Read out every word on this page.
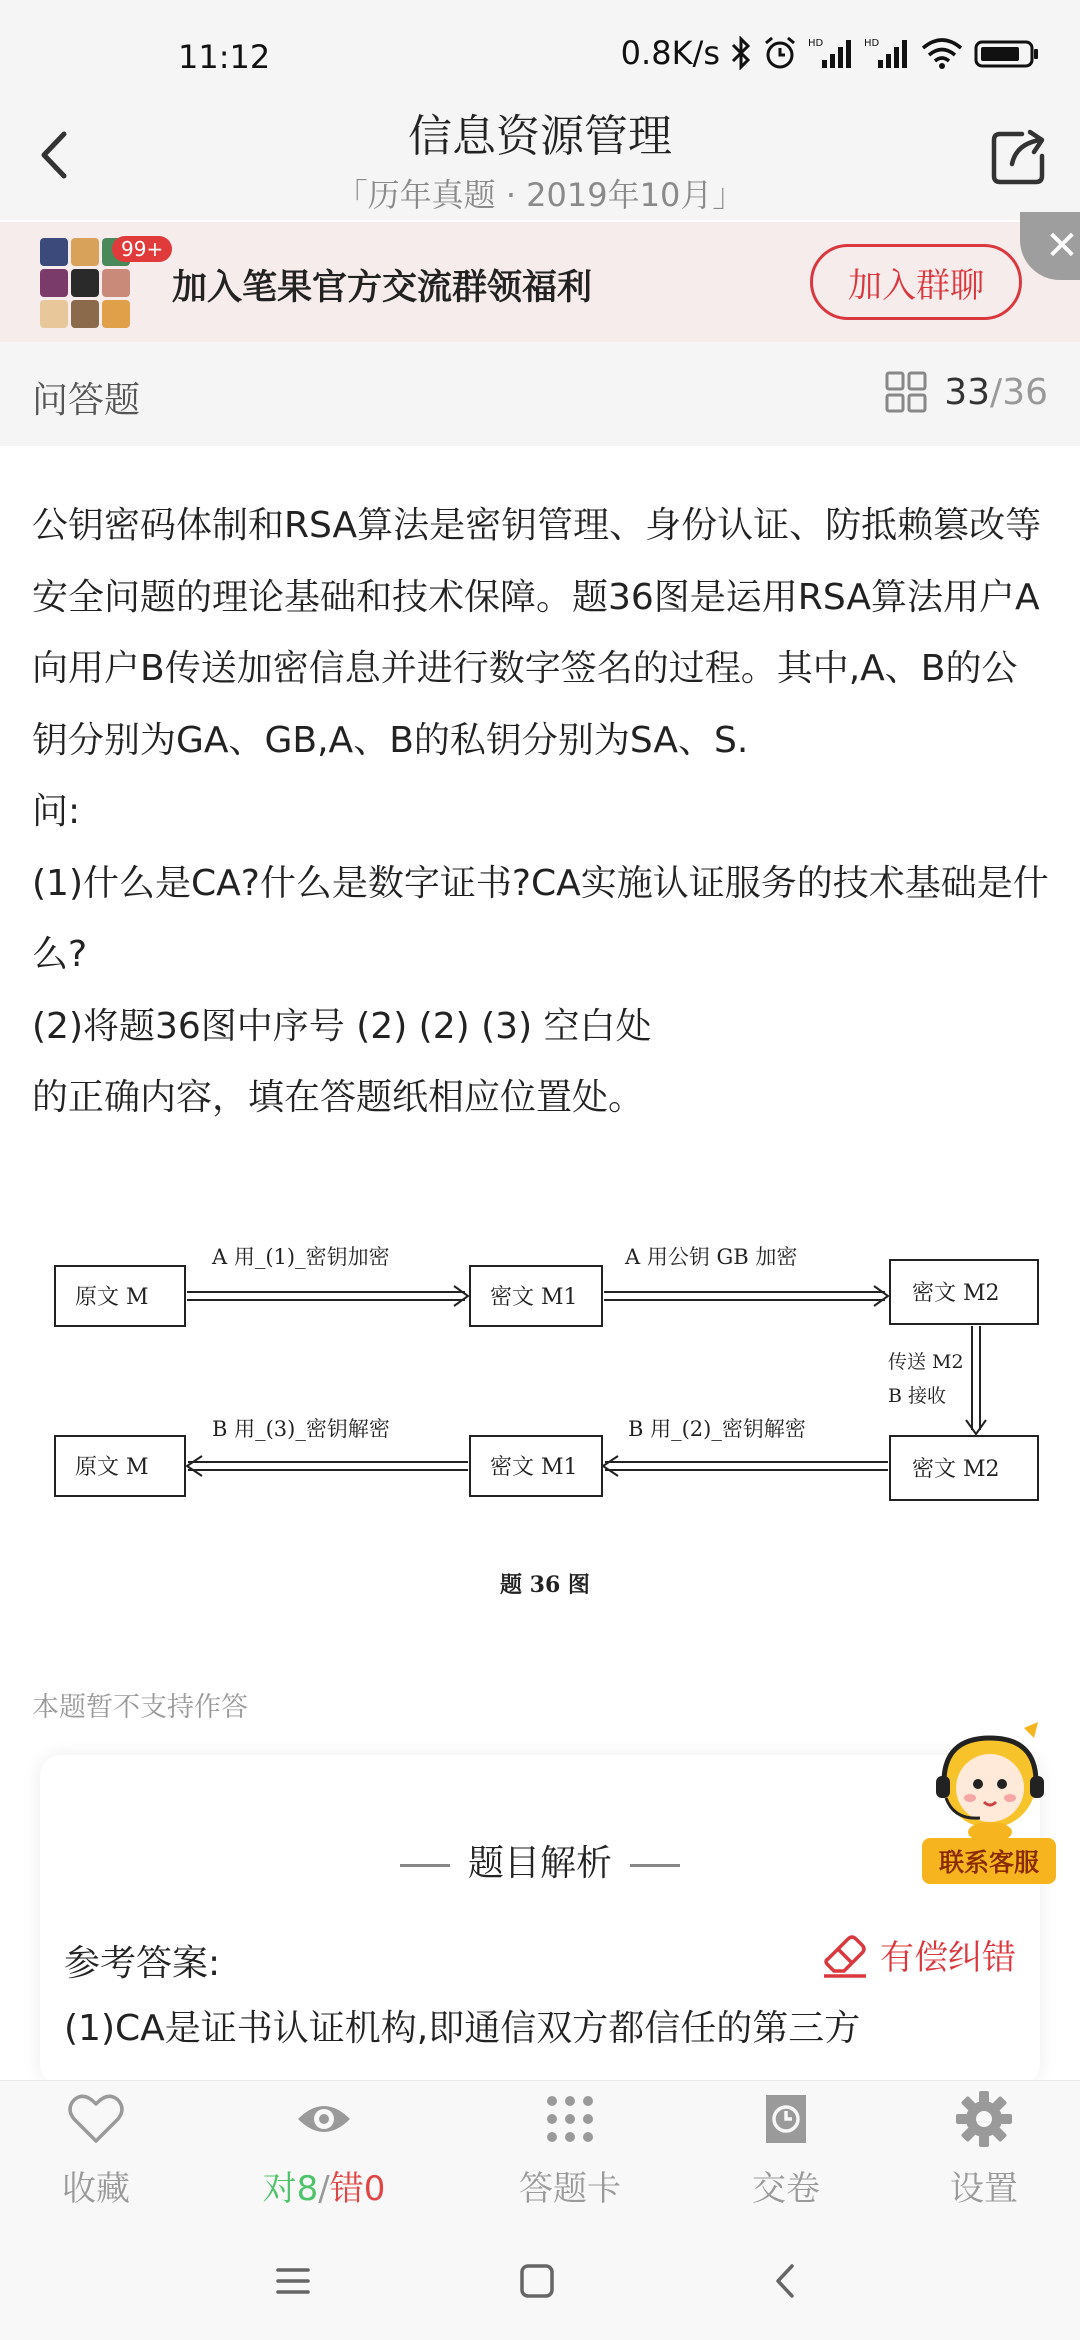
11:12	0.8K/s	HD	HD
信息资源管理
「历年真题 · 2019年10月」
99+
加入笔果官方交流群领福利	加入群聊
✕
问答题	33/36

公钥密码体制和RSA算法是密钥管理、身份认证、防抵赖篡改等安全问题的理论基础和技术保障。题36图是运用RSA算法用户A向用户B传送加密信息并进行数字签名的过程。其中,A、B的公钥分别为GA、GB,A、B的私钥分别为SA、S.

问:

(1)什么是CA?什么是数字证书?CA实施认证服务的技术基础是什么?

(2)将题36图中序号 (2) (2) (3) 空白处

的正确内容，填在答题纸相应位置处。

原文 M	密文 M1	密文 M2
原文 M	密文 M1	密文 M2
A 用_(1)_密钥加密	A 用公钥 GB 加密
传送 M2
B 接收
B 用_(2)_密钥解密
B 用_(3)_密钥解密
题 36 图
本题暂不支持作答
题目解析
参考答案:	有偿纠错
(1)CA是证书认证机构,即通信双方都信任的第三方
联系客服
收藏	对8/错0	答题卡	交卷	设置
